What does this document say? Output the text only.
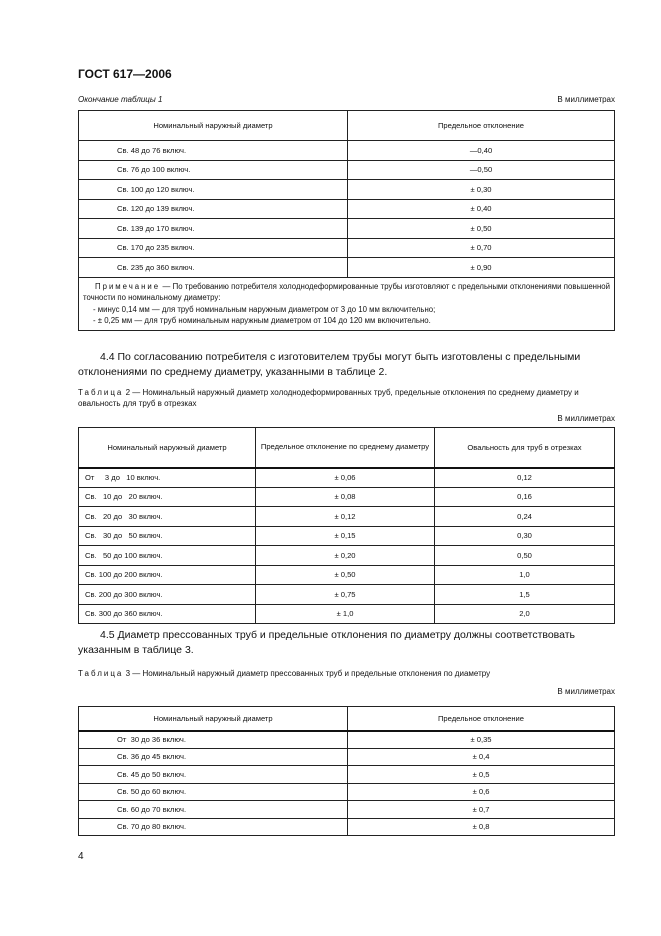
ГОСТ 617—2006
Окончание таблицы 1	В миллиметрах
Номинальный наружный диаметр	Предельное отклонение
Св. 48 до 76 включ.	—0,40
Св. 76 до 100 включ.	—0,50
Св. 100 до 120 включ.	± 0,30
Св. 120 до 139 включ.	± 0,40
Св. 139 до 170 включ.	± 0,50
Св. 170 до 235 включ.	± 0,70
Св. 235 до 360 включ.	± 0,90

Примечание — По требованию потребителя холоднодеформированные трубы изготовляют с предельными отклонениями повышенной точности по номинальному диаметру:
- минус 0,14 мм — для труб номинальным наружным диаметром от 3 до 10 мм включительно;
- ± 0,25 мм — для труб номинальным наружным диаметром от 104 до 120 мм включительно.	
4.4 По согласованию потребителя с изготовителем трубы могут быть изготовлены с предельными отклонениями по среднему диаметру, указанными в таблице 2.
Таблица 2 — Номинальный наружный диаметр холоднодеформированных труб, предельные отклонения по среднему диаметру и овальность для труб в отрезках
В миллиметрах
Номинальный наружный диаметр	Предельное отклонение по среднему диаметру	Овальность для труб в отрезках
От     3 до   10 включ.	± 0,06	0,12
Св.   10 до   20 включ.	± 0,08	0,16
Св.   20 до   30 включ.	± 0,12	0,24
Св.   30 до   50 включ.	± 0,15	0,30
Св.   50 до 100 включ.	± 0,20	0,50
Св. 100 до 200 включ.	± 0,50	1,0
Св. 200 до 300 включ.	± 0,75	1,5
Св. 300 до 360 включ.	± 1,0	2,0
4.5 Диаметр прессованных труб и предельные отклонения по диаметру должны соответствовать указанным в таблице 3.
Таблица 3 — Номинальный наружный диаметр прессованных труб и предельные отклонения по диаметру
В миллиметрах
Номинальный наружный диаметр	Предельное отклонение
От  30 до 36 включ.	± 0,35
Св. 36 до 45 включ.	± 0,4
Св. 45 до 50 включ.	± 0,5
Св. 50 до 60 включ.	± 0,6
Св. 60 до 70 включ.	± 0,7
Св. 70 до 80 включ.	± 0,8
4
